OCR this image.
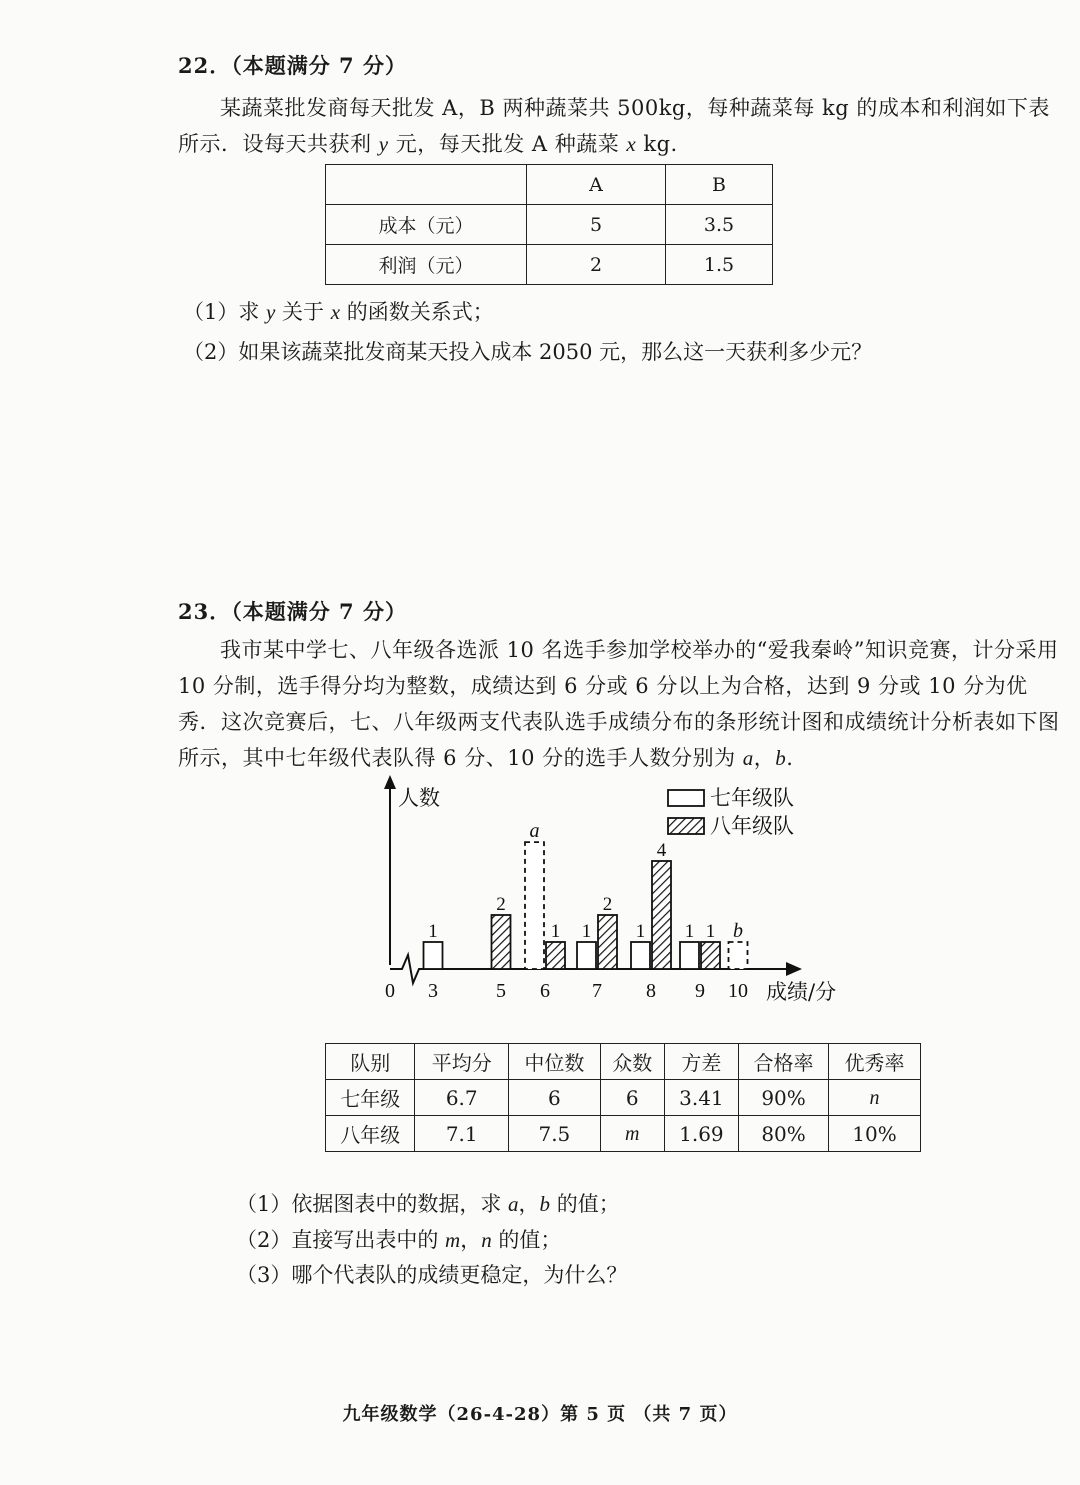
22．（本题满分 7 分）
某蔬菜批发商每天批发 A，B 两种蔬菜共 500kg，每种蔬菜每 kg 的成本和利润如下表所示．设每天共获利 y 元，每天批发 A 种蔬菜 x kg.
	A	B
成本（元）	5	3.5
利润（元）	2	1.5
（1）求 y 关于 x 的函数关系式；
（2）如果该蔬菜批发商某天投入成本 2050 元，那么这一天获利多少元？
23．（本题满分 7 分）
我市某中学七、八年级各选派 10 名选手参加学校举办的“爱我秦岭”知识竞赛，计分采用 10 分制，选手得分均为整数，成绩达到 6 分或 6 分以上为合格，达到 9 分或 10 分为优秀．这次竞赛后，七、八年级两支代表队选手成绩分布的条形统计图和成绩统计分析表如下图所示，其中七年级代表队得 6 分、10 分的选手人数分别为 a，b.
人数
0	成绩/分
七年级队
八年级队
1
3
2
5
a
1
6
1
2
7
1
4
8
1 1
9
b
10
队别	平均分	中位数	众数	方差	合格率	优秀率
七年级	6.7	6	6	3.41	90%	n
八年级	7.1	7.5	m	1.69	80%	10%
（1）依据图表中的数据，求 a，b 的值；
（2）直接写出表中的 m，n 的值；
（3）哪个代表队的成绩更稳定，为什么？
九年级数学（26-4-28）第 5 页 （共 7 页）
